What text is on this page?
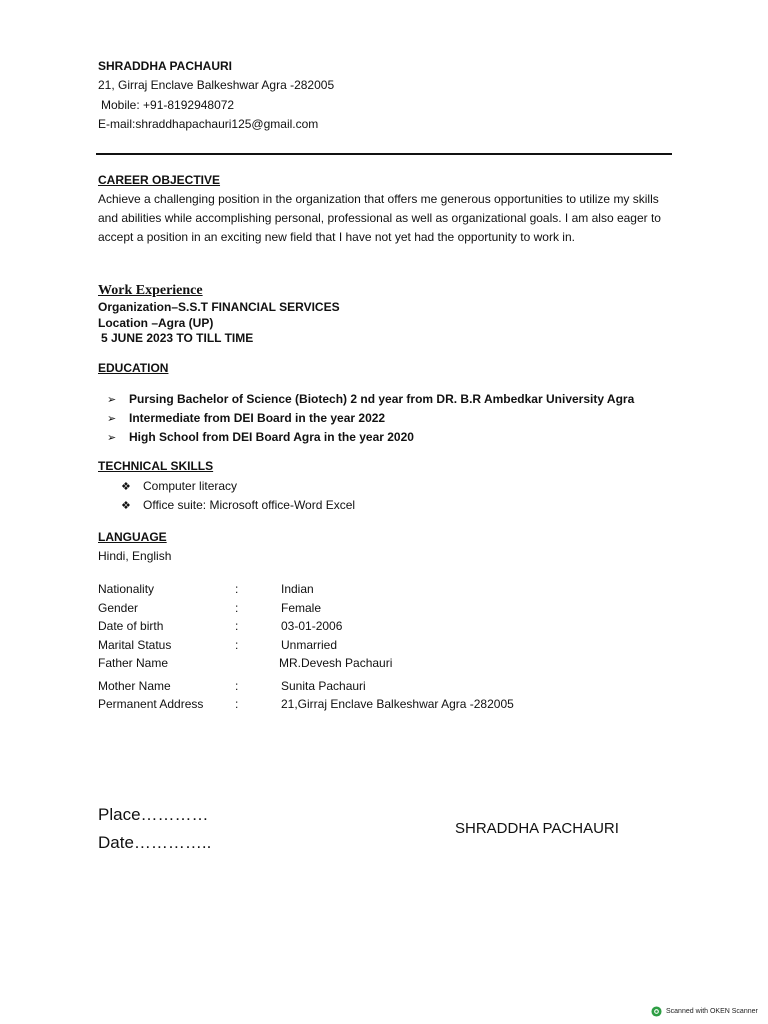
SHRADDHA PACHAURI
21, Girraj Enclave Balkeshwar Agra -282005
Mobile: +91-8192948072
E-mail:shraddhapachauri125@gmail.com
CAREER OBJECTIVE
Achieve a challenging position in the organization that offers me generous opportunities to utilize my skills and abilities while accomplishing personal, professional as well as organizational goals. I am also eager to accept a position in an exciting new field that I have not yet had the opportunity to work in.
Work Experience
Organization–S.S.T FINANCIAL SERVICES
Location –Agra (UP)
5 JUNE 2023 TO TILL TIME
EDUCATION
➢ Pursing Bachelor of Science (Biotech) 2 nd year from DR. B.R Ambedkar University Agra
➢ Intermediate from DEI Board in the year 2022
➢ High School from DEI Board Agra in the year 2020
TECHNICAL SKILLS
❖ Computer literacy
❖ Office suite: Microsoft office-Word Excel
LANGUAGE
Hindi, English
Nationality	:	Indian
Gender	:	Female
Date of birth	:	03-01-2006
Marital Status	:	Unmarried
Father Name	MR.Devesh Pachauri
Mother Name	:	Sunita Pachauri
Permanent Address	:	21,Girraj Enclave Balkeshwar Agra -282005
Place…………
Date…………..
SHRADDHA PACHAURI
Scanned with OKEN Scanner
